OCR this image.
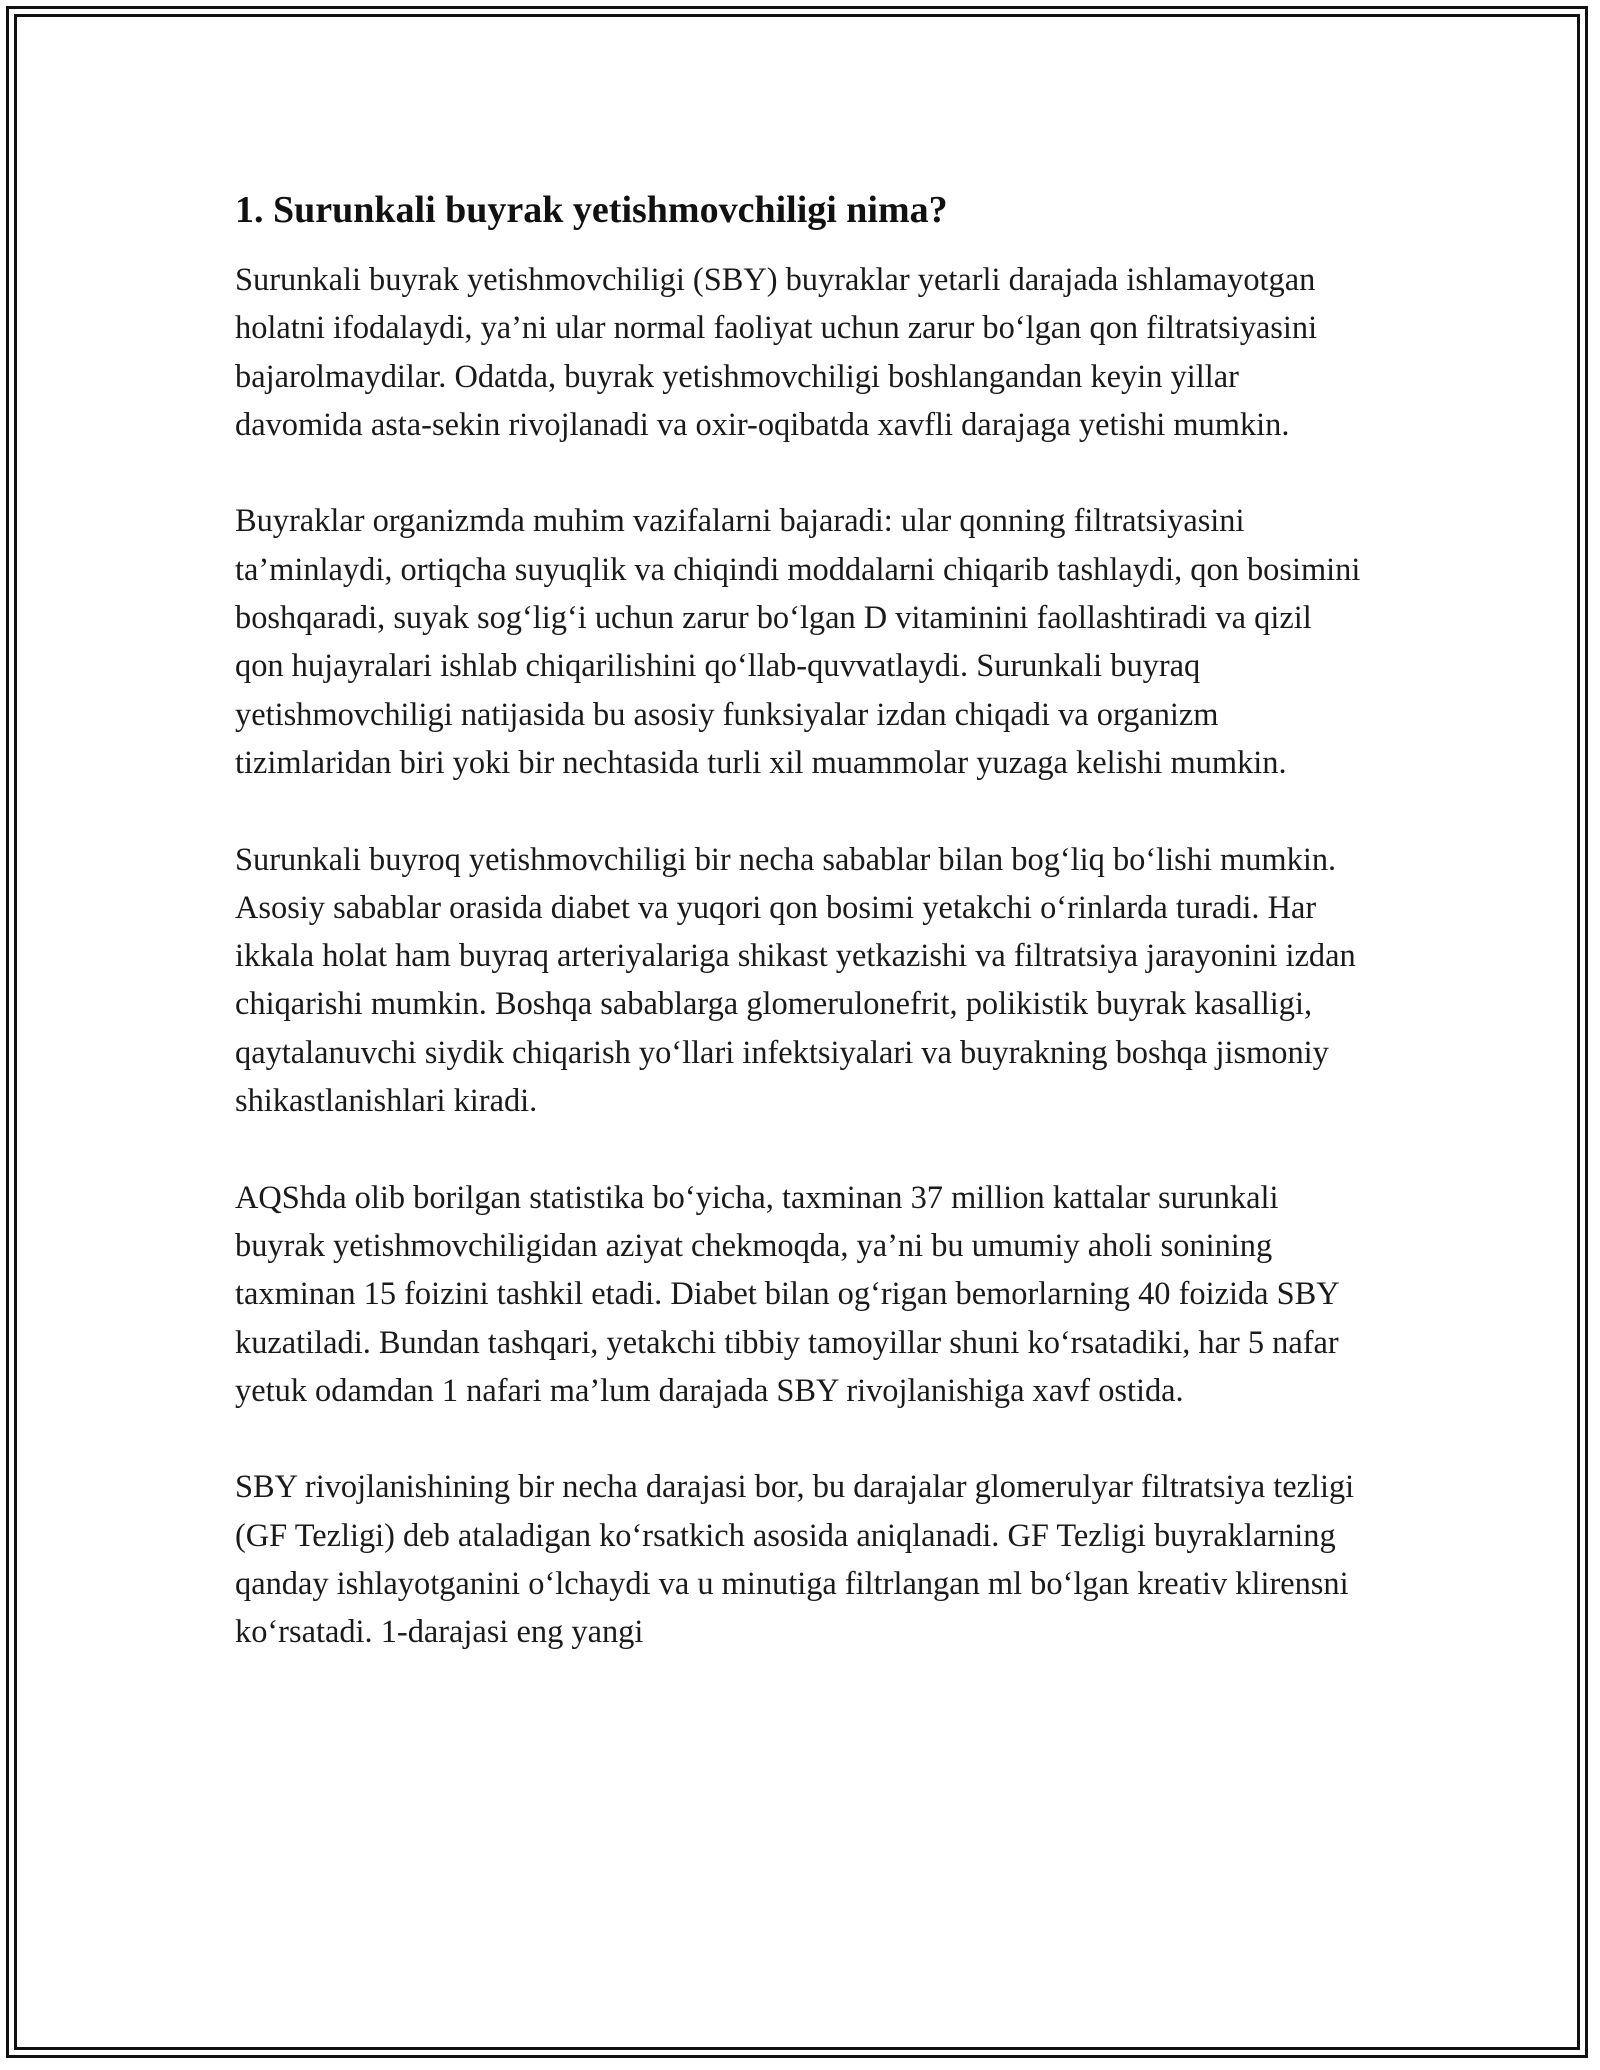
1. Surunkali buyrak yetishmovchiligi nima?

Surunkali buyrak yetishmovchiligi (SBY) buyraklar yetarli darajada ishlamayotgan holatni ifodalaydi, ya’ni ular normal faoliyat uchun zarur bo‘lgan qon filtratsiyasini bajarolmaydilar. Odatda, buyrak yetishmovchiligi boshlangandan keyin yillar davomida asta-sekin rivojlanadi va oxir-oqibatda xavfli darajaga yetishi mumkin.

Buyraklar organizmda muhim vazifalarni bajaradi: ular qonning filtratsiyasini ta’minlaydi, ortiqcha suyuqlik va chiqindi moddalarni chiqarib tashlaydi, qon bosimini boshqaradi, suyak sog‘lig‘i uchun zarur bo‘lgan D vitaminini faollashtiradi va qizil qon hujayralari ishlab chiqarilishini qo‘llab-quvvatlaydi. Surunkali buyraq yetishmovchiligi natijasida bu asosiy funksiyalar izdan chiqadi va organizm tizimlaridan biri yoki bir nechtasida turli xil muammolar yuzaga kelishi mumkin.

Surunkali buyroq yetishmovchiligi bir necha sabablar bilan bog‘liq bo‘lishi mumkin. Asosiy sabablar orasida diabet va yuqori qon bosimi yetakchi o‘rinlarda turadi. Har ikkala holat ham buyraq arteriyalariga shikast yetkazishi va filtratsiya jarayonini izdan chiqarishi mumkin. Boshqa sabablarga glomerulonefrit, polikistik buyrak kasalligi, qaytalanuvchi siydik chiqarish yo‘llari infektsiyalari va buyrakning boshqa jismoniy shikastlanishlari kiradi.

AQShda olib borilgan statistika bo‘yicha, taxminan 37 million kattalar surunkali buyrak yetishmovchiligidan aziyat chekmoqda, ya’ni bu umumiy aholi sonining taxminan 15 foizini tashkil etadi. Diabet bilan og‘rigan bemorlarning 40 foizida SBY kuzatiladi. Bundan tashqari, yetakchi tibbiy tamoyillar shuni ko‘rsatadiki, har 5 nafar yetuk odamdan 1 nafari ma’lum darajada SBY rivojlanishiga xavf ostida.

SBY rivojlanishining bir necha darajasi bor, bu darajalar glomerulyar filtratsiya tezligi (GF Tezligi) deb ataladigan ko‘rsatkich asosida aniqlanadi. GF Tezligi buyraklarning qanday ishlayotganini o‘lchaydi va u minutiga filtrlangan ml bo‘lgan kreativ klirensni ko‘rsatadi. 1-darajasi eng yangi
